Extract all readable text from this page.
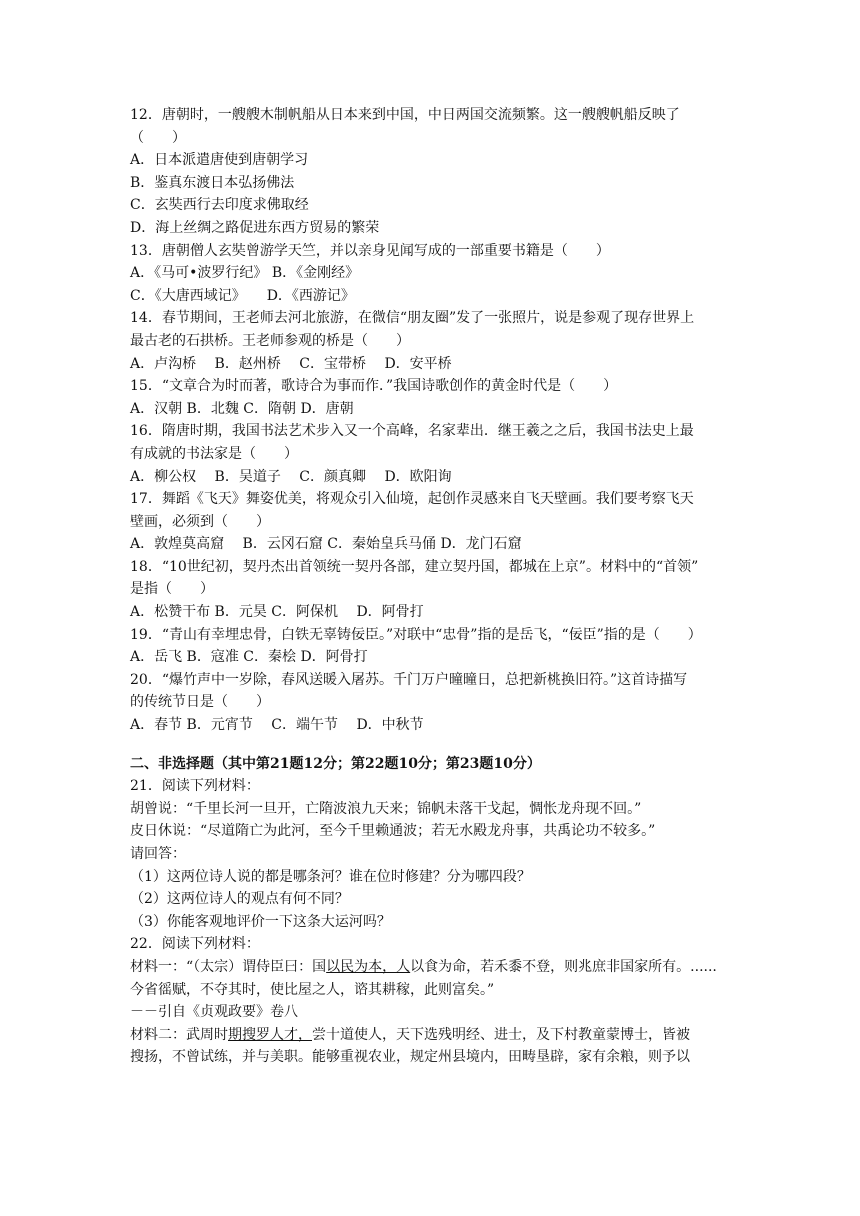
12．唐朝时，一艘艘木制帆船从日本来到中国，中日两国交流频繁。这一艘艘帆船反映了
（　　）
A．日本派遣唐使到唐朝学习
B．鉴真东渡日本弘扬佛法
C．玄奘西行去印度求佛取经
D．海上丝绸之路促进东西方贸易的繁荣
13．唐朝僧人玄奘曾游学天竺，并以亲身见闻写成的一部重要书籍是（　　）
A．《马可•波罗行纪》 B．《金刚经》
C．《大唐西域记》　　D．《西游记》
14．春节期间，王老师去河北旅游，在微信“朋友圈”发了一张照片，说是参观了现存世界上
最古老的石拱桥。王老师参观的桥是（　　）
A．卢沟桥　 B．赵州桥　 C．宝带桥　 D．安平桥
15．“文章合为时而著，歌诗合为事而作．”我国诗歌创作的黄金时代是（　　）
A．汉朝 B．北魏 C．隋朝 D．唐朝
16．隋唐时期，我国书法艺术步入又一个高峰，名家辈出．继王羲之之后，我国书法史上最
有成就的书法家是（　　）
A．柳公权　 B．吴道子　 C．颜真卿　 D．欧阳询
17．舞蹈《飞天》舞姿优美，将观众引入仙境，起创作灵感来自飞天壁画。我们要考察飞天
壁画，必须到（　　）
A．敦煌莫高窟　 B．云冈石窟 C．秦始皇兵马俑 D．龙门石窟
18．“10世纪初，契丹杰出首领统一契丹各部，建立契丹国，都城在上京”。材料中的“首领”
是指（　　）
A．松赞干布 B．元昊 C．阿保机　 D．阿骨打
19．“青山有幸埋忠骨，白铁无辜铸佞臣。”对联中“忠骨”指的是岳飞，“佞臣”指的是（　　）
A．岳飞 B．寇准 C．秦桧 D．阿骨打
20．“爆竹声中一岁除，春风送暖入屠苏。千门万户曈曈日，总把新桃换旧符。”这首诗描写
的传统节日是（　　）
A．春节 B．元宵节　 C．端午节　 D．中秋节
二、非选择题（其中第21题12分；第22题10分；第23题10分）
21．阅读下列材料：
胡曾说：“千里长河一旦开，亡隋波浪九天来；锦帆未落干戈起，惆怅龙舟现不回。”
皮日休说：“尽道隋亡为此河，至今千里赖通波；若无水殿龙舟事，共禹论功不较多。”
请回答：
（1）这两位诗人说的都是哪条河？谁在位时修建？分为哪四段？
（2）这两位诗人的观点有何不同？
（3）你能客观地评价一下这条大运河吗？
22．阅读下列材料：
材料一：“（太宗）谓侍臣曰：国以民为本，人以食为命，若禾黍不登，则兆庶非国家所有。......
今省徭赋，不夺其时，使比屋之人，谘其耕稼，此则富矣。”
－－引自《贞观政要》卷八
材料二：武周时期搜罗人才，尝十道使人，天下选残明经、进士，及下村教童蒙博士，皆被
搜扬，不曾试练，并与美职。能够重视农业，规定州县境内，田畴垦辟，家有余粮，则予以
